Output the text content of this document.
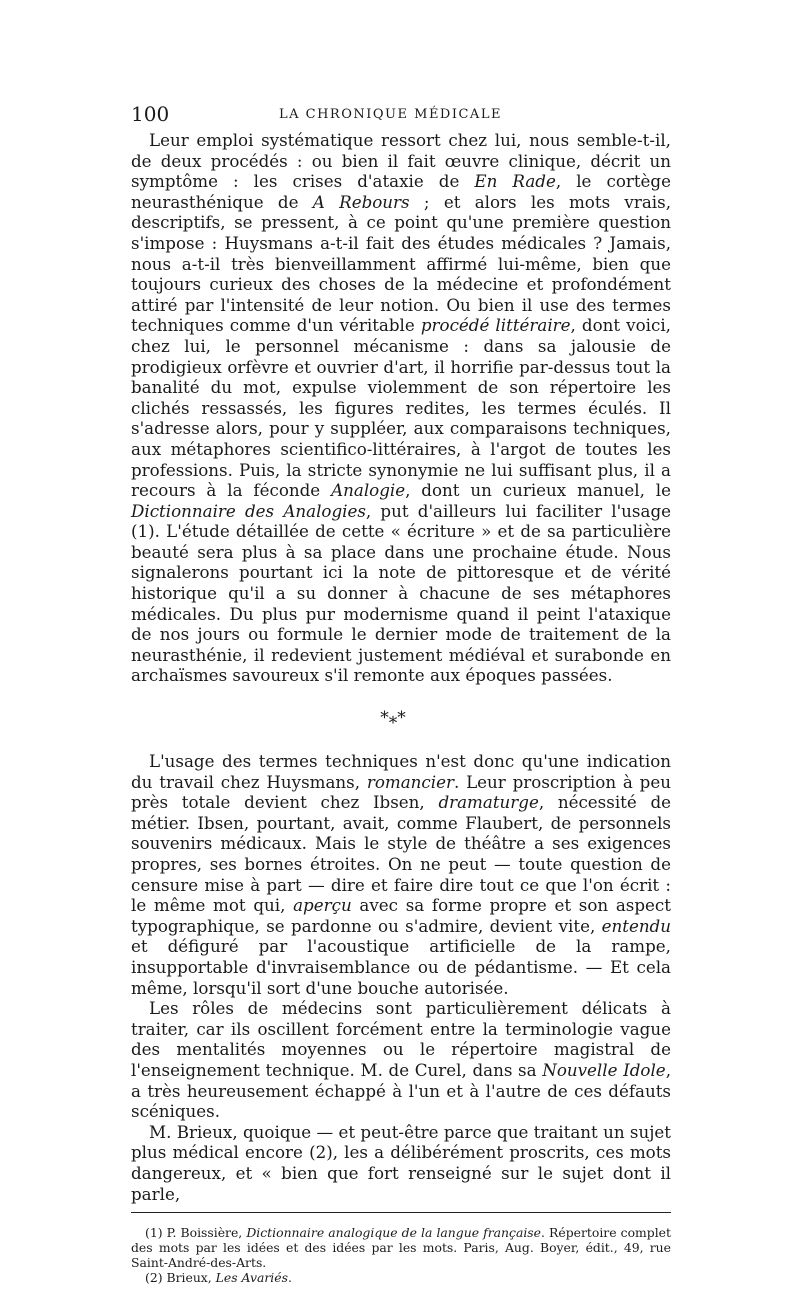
100	LA CHRONIQUE MÉDICALE

Leur emploi systématique ressort chez lui, nous semble-t-il, de deux procédés : ou bien il fait œuvre clinique, décrit un symptôme : les crises d'ataxie de En Rade, le cortège neurasthénique de A Rebours ; et alors les mots vrais, descriptifs, se pressent, à ce point qu'une première question s'impose : Huysmans a-t-il fait des études médicales ? Jamais, nous a-t-il très bienveillamment affirmé lui-même, bien que toujours curieux des choses de la médecine et profondément attiré par l'intensité de leur notion. Ou bien il use des termes techniques comme d'un véritable procédé littéraire, dont voici, chez lui, le personnel mécanisme : dans sa jalousie de prodigieux orfèvre et ouvrier d'art, il horrifie par-dessus tout la banalité du mot, expulse violemment de son répertoire les clichés ressassés, les figures redites, les termes éculés. Il s'adresse alors, pour y suppléer, aux comparaisons techniques, aux métaphores scientifico-littéraires, à l'argot de toutes les professions. Puis, la stricte synonymie ne lui suffisant plus, il a recours à la féconde Analogie, dont un curieux manuel, le Dictionnaire des Analogies, put d'ailleurs lui faciliter l'usage (1). L'étude détaillée de cette « écriture » et de sa particulière beauté sera plus à sa place dans une prochaine étude. Nous signalerons pourtant ici la note de pittoresque et de vérité historique qu'il a su donner à chacune de ses métaphores médicales. Du plus pur modernisme quand il peint l'ataxique de nos jours ou formule le dernier mode de traitement de la neurasthénie, il redevient justement médiéval et surabonde en archaïsmes savoureux s'il remonte aux époques passées.

*⁎*

L'usage des termes techniques n'est donc qu'une indication du travail chez Huysmans, romancier. Leur proscription à peu près totale devient chez Ibsen, dramaturge, nécessité de métier. Ibsen, pourtant, avait, comme Flaubert, de personnels souvenirs médicaux. Mais le style de théâtre a ses exigences propres, ses bornes étroites. On ne peut — toute question de censure mise à part — dire et faire dire tout ce que l'on écrit : le même mot qui, aperçu avec sa forme propre et son aspect typographique, se pardonne ou s'admire, devient vite, entendu et défiguré par l'acoustique artificielle de la rampe, insupportable d'invraisemblance ou de pédantisme. — Et cela même, lorsqu'il sort d'une bouche autorisée.

Les rôles de médecins sont particulièrement délicats à traiter, car ils oscillent forcément entre la terminologie vague des mentalités moyennes ou le répertoire magistral de l'enseignement technique. M. de Curel, dans sa Nouvelle Idole, a très heureusement échappé à l'un et à l'autre de ces défauts scéniques.

M. Brieux, quoique — et peut-être parce que traitant un sujet plus médical encore (2), les a délibérément proscrits, ces mots dangereux, et « bien que fort renseigné sur le sujet dont il parle,

(1) P. Boissière, Dictionnaire analogique de la langue française. Répertoire complet des mots par les idées et des idées par les mots. Paris, Aug. Boyer, édit., 49, rue Saint-André-des-Arts.

(2) Brieux, Les Avariés.
